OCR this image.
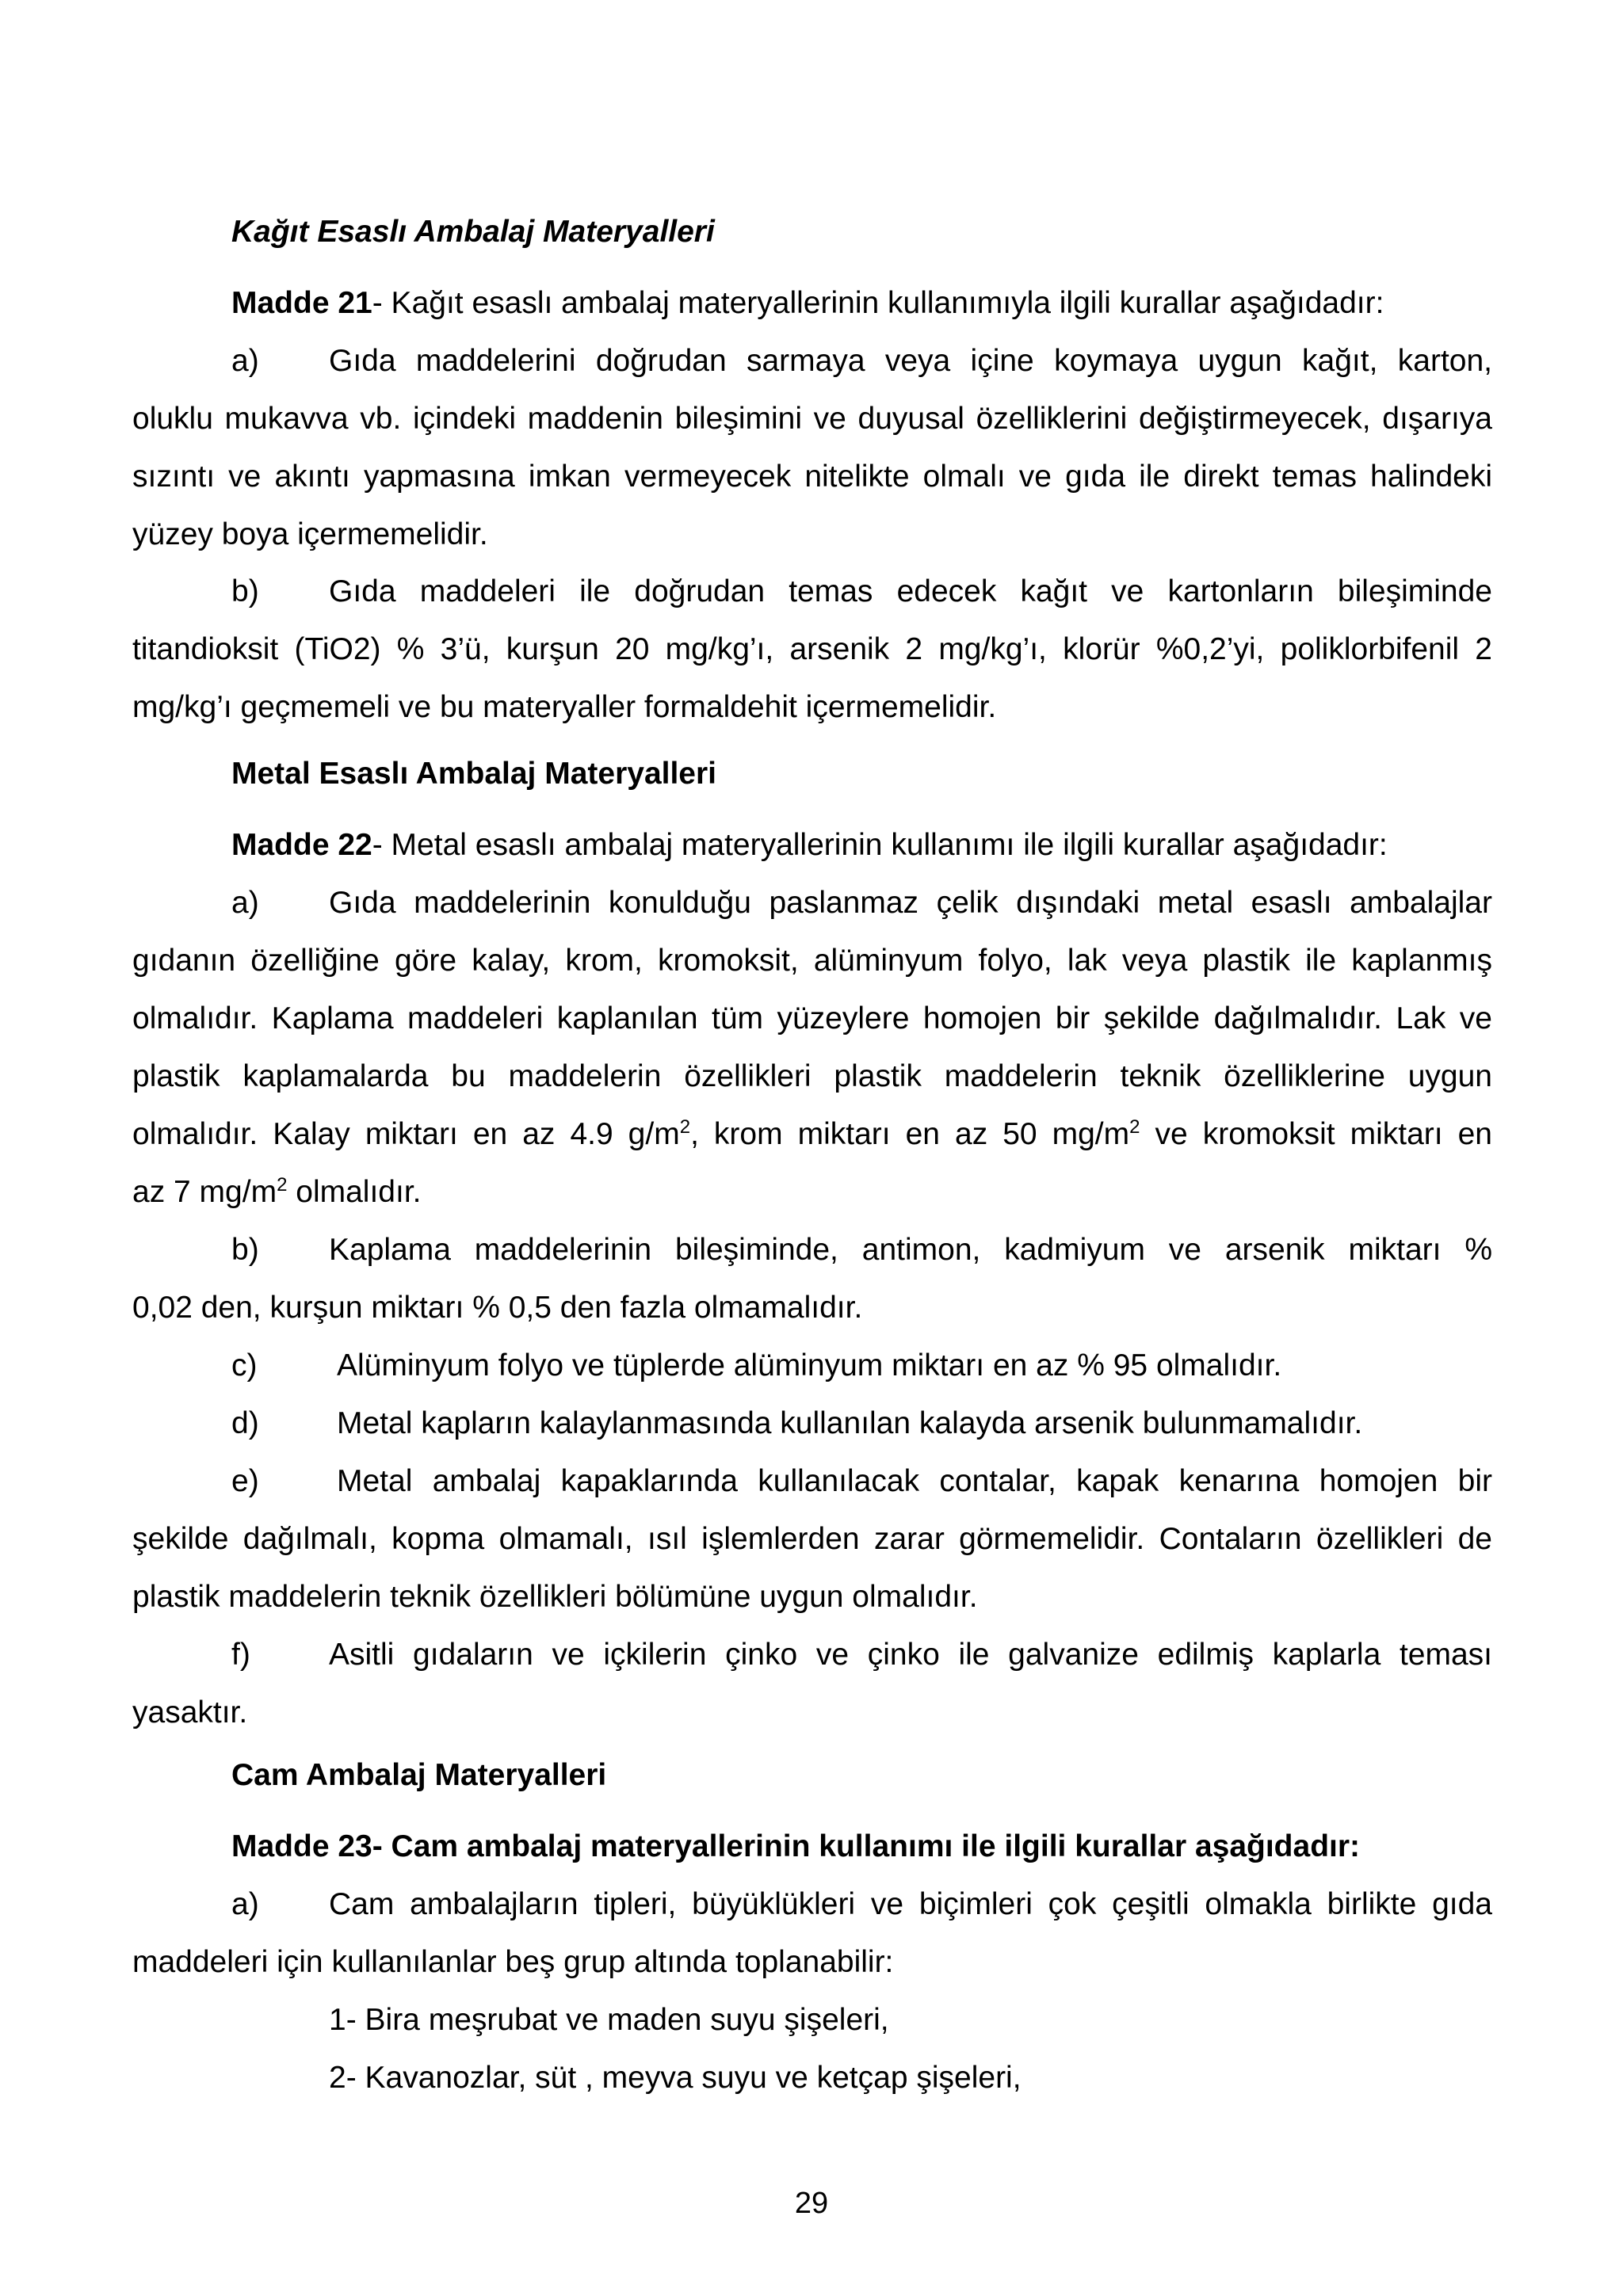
Kağıt Esaslı Ambalaj Materyalleri
Madde 21- Kağıt esaslı ambalaj materyallerinin kullanımıyla ilgili kurallar aşağıdadır:
a)	Gıda maddelerini doğrudan sarmaya veya içine koymaya uygun kağıt, karton,
oluklu mukavva vb. içindeki maddenin bileşimini ve duyusal özelliklerini değiştirmeyecek, dışarıya sızıntı ve akıntı yapmasına imkan vermeyecek nitelikte olmalı ve gıda ile direkt temas halindeki yüzey boya içermemelidir.
b)	Gıda maddeleri ile doğrudan temas edecek kağıt ve kartonların bileşiminde
titandioksit (TiO2) % 3’ü, kurşun 20 mg/kg’ı, arsenik 2 mg/kg’ı, klorür %0,2’yi, poliklorbifenil 2 mg/kg’ı geçmemeli ve bu materyaller formaldehit içermemelidir.
Metal Esaslı Ambalaj Materyalleri
Madde 22- Metal esaslı ambalaj materyallerinin kullanımı ile ilgili kurallar aşağıdadır:
a)	Gıda maddelerinin konulduğu paslanmaz çelik dışındaki metal esaslı ambalajlar
gıdanın özelliğine göre kalay, krom, kromoksit, alüminyum folyo, lak veya plastik ile kaplanmış olmalıdır. Kaplama maddeleri kaplanılan tüm yüzeylere homojen bir şekilde dağılmalıdır. Lak ve plastik kaplamalarda bu maddelerin özellikleri plastik maddelerin teknik özelliklerine uygun
olmalıdır. Kalay miktarı en az 4.9 $g/m^2$, krom miktarı en az 50 $mg/m^2$ ve kromoksit miktarı en
az 7 $mg/m^2$ olmalıdır.
b)	Kaplama maddelerinin bileşiminde, antimon, kadmiyum ve arsenik miktarı %
0,02 den, kurşun miktarı % 0,5 den fazla olmamalıdır.
c)	Alüminyum folyo ve tüplerde alüminyum miktarı en az % 95 olmalıdır.
d)	Metal kapların kalaylanmasında kullanılan kalayda arsenik bulunmamalıdır.
e)	Metal ambalaj kapaklarında kullanılacak contalar, kapak kenarına homojen bir
şekilde dağılmalı, kopma olmamalı, ısıl işlemlerden zarar görmemelidir. Contaların özellikleri de plastik maddelerin teknik özellikleri bölümüne uygun olmalıdır.
f)	Asitli gıdaların ve içkilerin çinko ve çinko ile galvanize edilmiş kaplarla teması
yasaktır.
Cam Ambalaj Materyalleri
Madde 23- Cam ambalaj materyallerinin kullanımı ile ilgili kurallar aşağıdadır:
a)	Cam ambalajların tipleri, büyüklükleri ve biçimleri çok çeşitli olmakla birlikte gıda
maddeleri için kullanılanlar beş grup altında toplanabilir:
1- Bira meşrubat ve maden suyu şişeleri,
2- Kavanozlar, süt , meyva suyu ve ketçap şişeleri,
29
